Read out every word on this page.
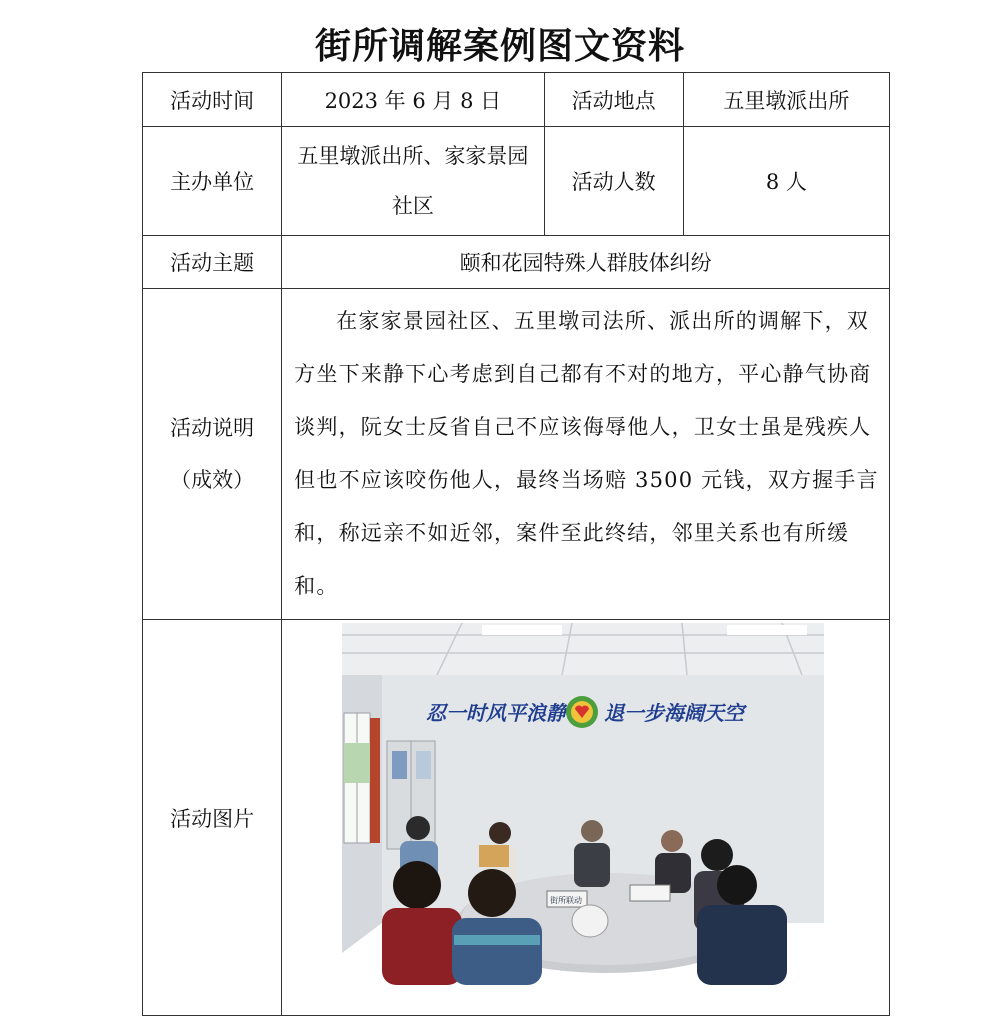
街所调解案例图文资料
活动时间	2023 年 6 月 8 日	活动地点	五里墩派出所
主办单位	五里墩派出所、家家景园社区	活动人数	8 人
活动主题	颐和花园特殊人群肢体纠纷		

活动说明
（成效）	在家家景园社区、五里墩司法所、派出所的调解下，双方坐下来静下心考虑到自己都有不对的地方，平心静气协商谈判，阮女士反省自己不应该侮辱他人，卫女士虽是残疾人但也不应该咬伤他人，最终当场赔 3500 元钱，双方握手言和，称远亲不如近邻，案件至此终结，邻里关系也有所缓和。		

活动图片	忍一时风平浪静 退一步海阔天空
街所联动		
